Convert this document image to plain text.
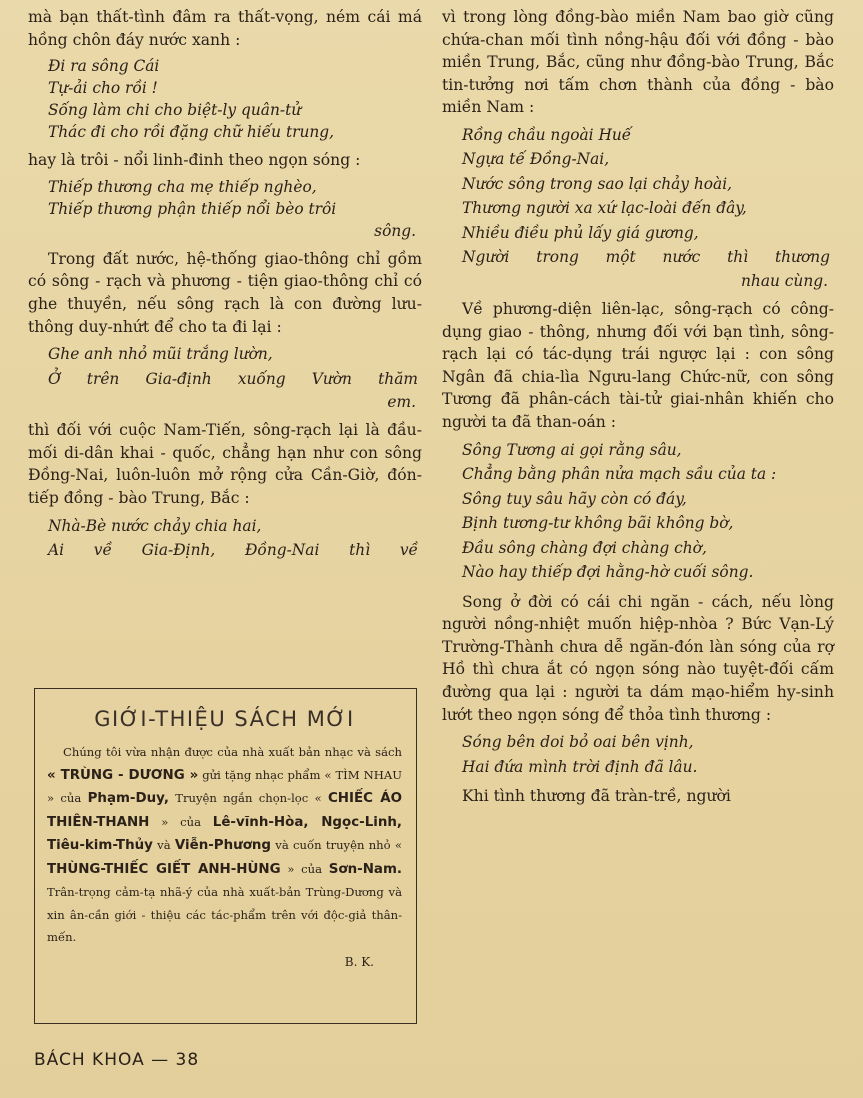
mà bạn thất-tình đâm ra thất-vọng, ném cái má hồng chôn đáy nước xanh :

Đi ra sông Cái

Tự-ải cho rồi !

Sống làm chi cho biệt-ly quân-tử

Thác đi cho rồi đặng chữ hiếu trung,

hay là trôi - nổi linh-đinh theo ngọn sóng :

Thiếp thương cha mẹ thiếp nghèo,

Thiếp thương phận thiếp nổi bèo trôi

sông.

Trong đất nước, hệ-thống giao-thông chỉ gồm có sông - rạch và phương - tiện giao-thông chỉ có ghe thuyền, nếu sông rạch là con đường lưu-thông duy-nhứt để cho ta đi lại :

Ghe anh nhỏ mũi trắng lườn,

Ở trên Gia-định xuống Vườn thăm

em.

thì đối với cuộc Nam-Tiến, sông-rạch lại là đầu-mối di-dân khai - quốc, chẳng hạn như con sông Đồng-Nai, luôn-luôn mở rộng cửa Cần-Giờ, đón-tiếp đồng - bào Trung, Bắc :

Nhà-Bè nước chảy chia hai,

Ai về Gia-Định, Đồng-Nai thì về

GIỚI-THIỆU SÁCH MỚI

Chúng tôi vừa nhận được của nhà xuất bản nhạc và sách « TRÙNG - DƯƠNG » gửi tặng nhạc phẩm « TÌM NHAU » của Phạm-Duy, Truyện ngắn chọn-lọc « CHIẾC ÁO THIÊN-THANH » của Lê-vĩnh-Hòa, Ngọc-Linh, Tiêu-kim-Thủy và Viễn-Phương và cuốn truyện nhỏ « THÙNG-THIẾC GIẾT ANH-HÙNG » của Sơn-Nam. Trân-trọng cảm-tạ nhã-ý của nhà xuất-bản Trùng-Dương và xin ân-cần giới - thiệu các tác-phẩm trên với độc-giả thân-mến.

B. K.

vì trong lòng đồng-bào miền Nam bao giờ cũng chứa-chan mối tình nồng-hậu đối với đồng - bào miền Trung, Bắc, cũng như đồng-bào Trung, Bắc tin-tưởng nơi tấm chơn thành của đồng - bào miền Nam :

Rồng chầu ngoài Huế

Ngựa tế Đồng-Nai,

Nước sông trong sao lại chảy hoài,

Thương người xa xứ lạc-loài đến đây,

Nhiều điều phủ lấy giá gương,

Người trong một nước thì thương

nhau cùng.

Về phương-diện liên-lạc, sông-rạch có công-dụng giao - thông, nhưng đối với bạn tình, sông-rạch lại có tác-dụng trái ngược lại : con sông Ngân đã chia-lìa Ngưu-lang Chức-nữ, con sông Tương đã phân-cách tài-tử giai-nhân khiến cho người ta đã than-oán :

Sông Tương ai gọi rằng sâu,

Chẳng bằng phân nửa mạch sầu của ta :

Sông tuy sâu hãy còn có đáy,

Bịnh tương-tư không bãi không bờ,

Đầu sông chàng đợi chàng chờ,

Nào hay thiếp đợi hằng-hờ cuối sông.

Song ở đời có cái chi ngăn - cách, nếu lòng người nồng-nhiệt muốn hiệp-nhòa ? Bức Vạn-Lý Trường-Thành chưa dễ ngăn-đón làn sóng của rợ Hồ thì chưa ắt có ngọn sóng nào tuyệt-đối cấm đường qua lại : người ta dám mạo-hiểm hy-sinh lướt theo ngọn sóng để thỏa tình thương :

Sóng bên doi bỏ oai bên vịnh,

Hai đứa mình trời định đã lâu.

Khi tình thương đã tràn-trề, người

BÁCH KHOA — 38
